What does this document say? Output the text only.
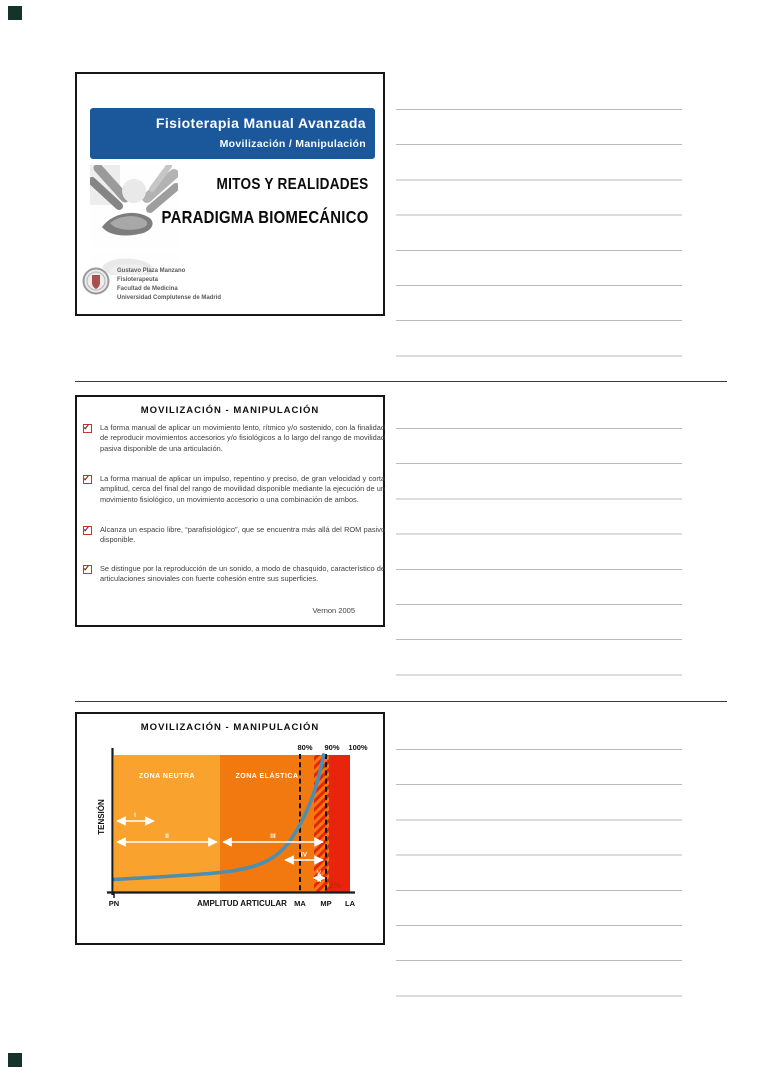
Fisioterapia Manual Avanzada
Movilización / Manipulación
MITOS Y REALIDADES
PARADIGMA BIOMECÁNICO
Gustavo Plaza Manzano
Fisioterapeuta
Facultad de Medicina
Universidad Complutense de Madrid
MOVILIZACIÓN - MANIPULACIÓN
✓
La forma manual de aplicar un movimiento lento, rítmico y/o sostenido, con la finalidad de reproducir movimientos accesorios y/o fisiológicos a lo largo del rango de movilidad pasiva disponible de una articulación.
✓
La forma manual de aplicar un impulso, repentino y preciso, de gran velocidad y corta amplitud, cerca del final del rango de movilidad disponible mediante la ejecución de un movimiento fisiológico, un movimiento accesorio o una combinación de ambos.
✓
Alcanza un espacio libre, “parafisiológico”, que se encuentra más allá del ROM pasivo disponible.
✓
Se distingue por la reproducción de un sonido, a modo de chasquido, característico de articulaciones sinoviales con fuerte cohesión entre sus superficies.
Vernon 2005
MOVILIZACIÓN - MANIPULACIÓN
ZONA NEUTRA	ZONA ELÁSTICA
I
II	III
IV
V
2%
80% 90% 100%
PN	AMPLITUD ARTICULAR MA MP LA
TENSIÓN
